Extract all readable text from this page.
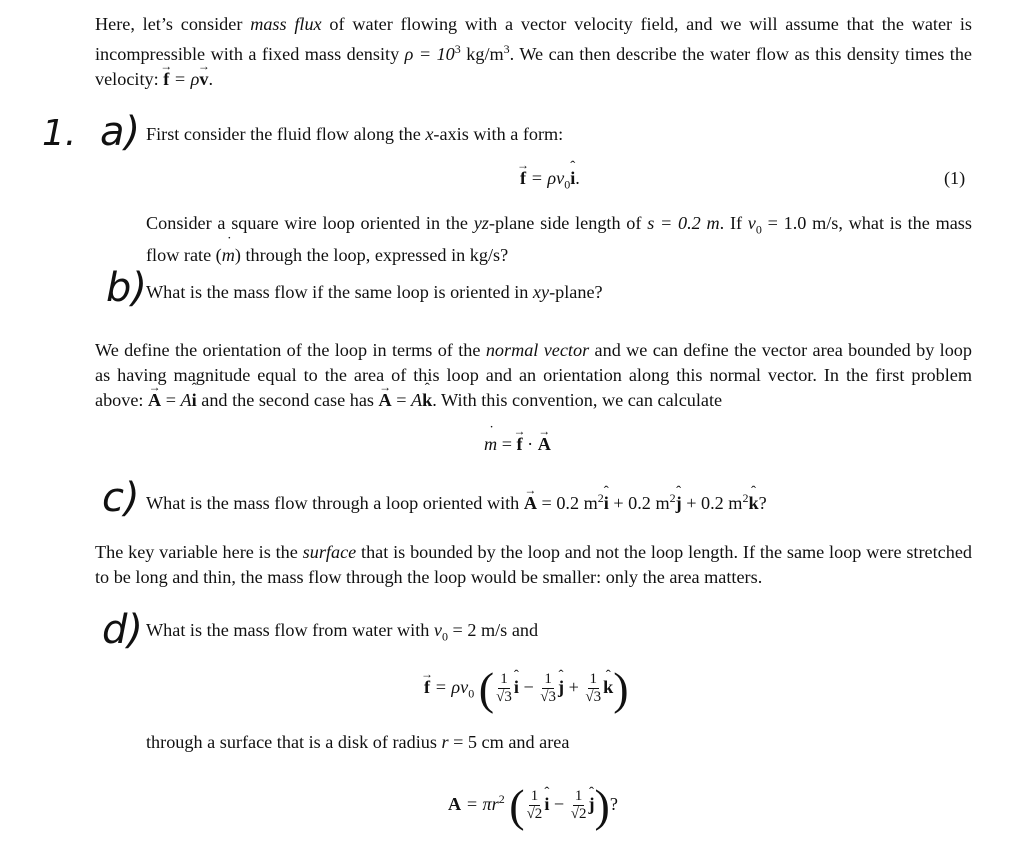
Here, let’s consider mass flux of water flowing with a vector velocity field, and we will assume that the water is incompressible with a fixed mass density $\rho = 10^3$ $kg/m^3$. We can then describe the water flow as this density times the velocity: → f = ρ→ v.

1. a)
b)
c)
d)

First consider the fluid flow along the x-axis with a form:

→ $f = \rho v_0ˆ$ i.	(1)

Consider a square wire loop oriented in the yz-plane side length of s = 0.2 m. If $v_0 = 1.0$ m/s, what is the mass flow rate (˙ m) through the loop, expressed in kg/s?

What is the mass flow if the same loop is oriented in xy-plane?

We define the orientation of the loop in terms of the normal vector and we can define the vector area bounded by loop as having magnitude equal to the area of this loop and an orientation along this normal vector. In the first problem above: → A = Aˆ i and the second case has → A = Aˆ k. With this convention, we can calculate

˙ m = → f · → A

What is the mass flow through a loop oriented with → A = 0.2 $m^2ˆ$ i + 0.2 $m^2ˆ$ j + 0.2 $m^2ˆ$ k?

The key variable here is the surface that is bounded by the loop and not the loop length. If the same loop were stretched to be long and thin, the mass flow through the loop would be smaller: only the area matters.

What is the mass flow from water with $v_0 = 2$ m/s and

→ $f = \rho v_0$ ( $\frac{1}{√3}$ ˆ $i - \frac{1}{√3}$ ˆ $j + \frac{1}{√3}$ ˆ k)

through a surface that is a disk of radius r = 5 cm and area

$A = \pi r^2$ ( $\frac{1}{√2}$ ˆ $i - \frac{1}{√2}$ ˆ j)?
